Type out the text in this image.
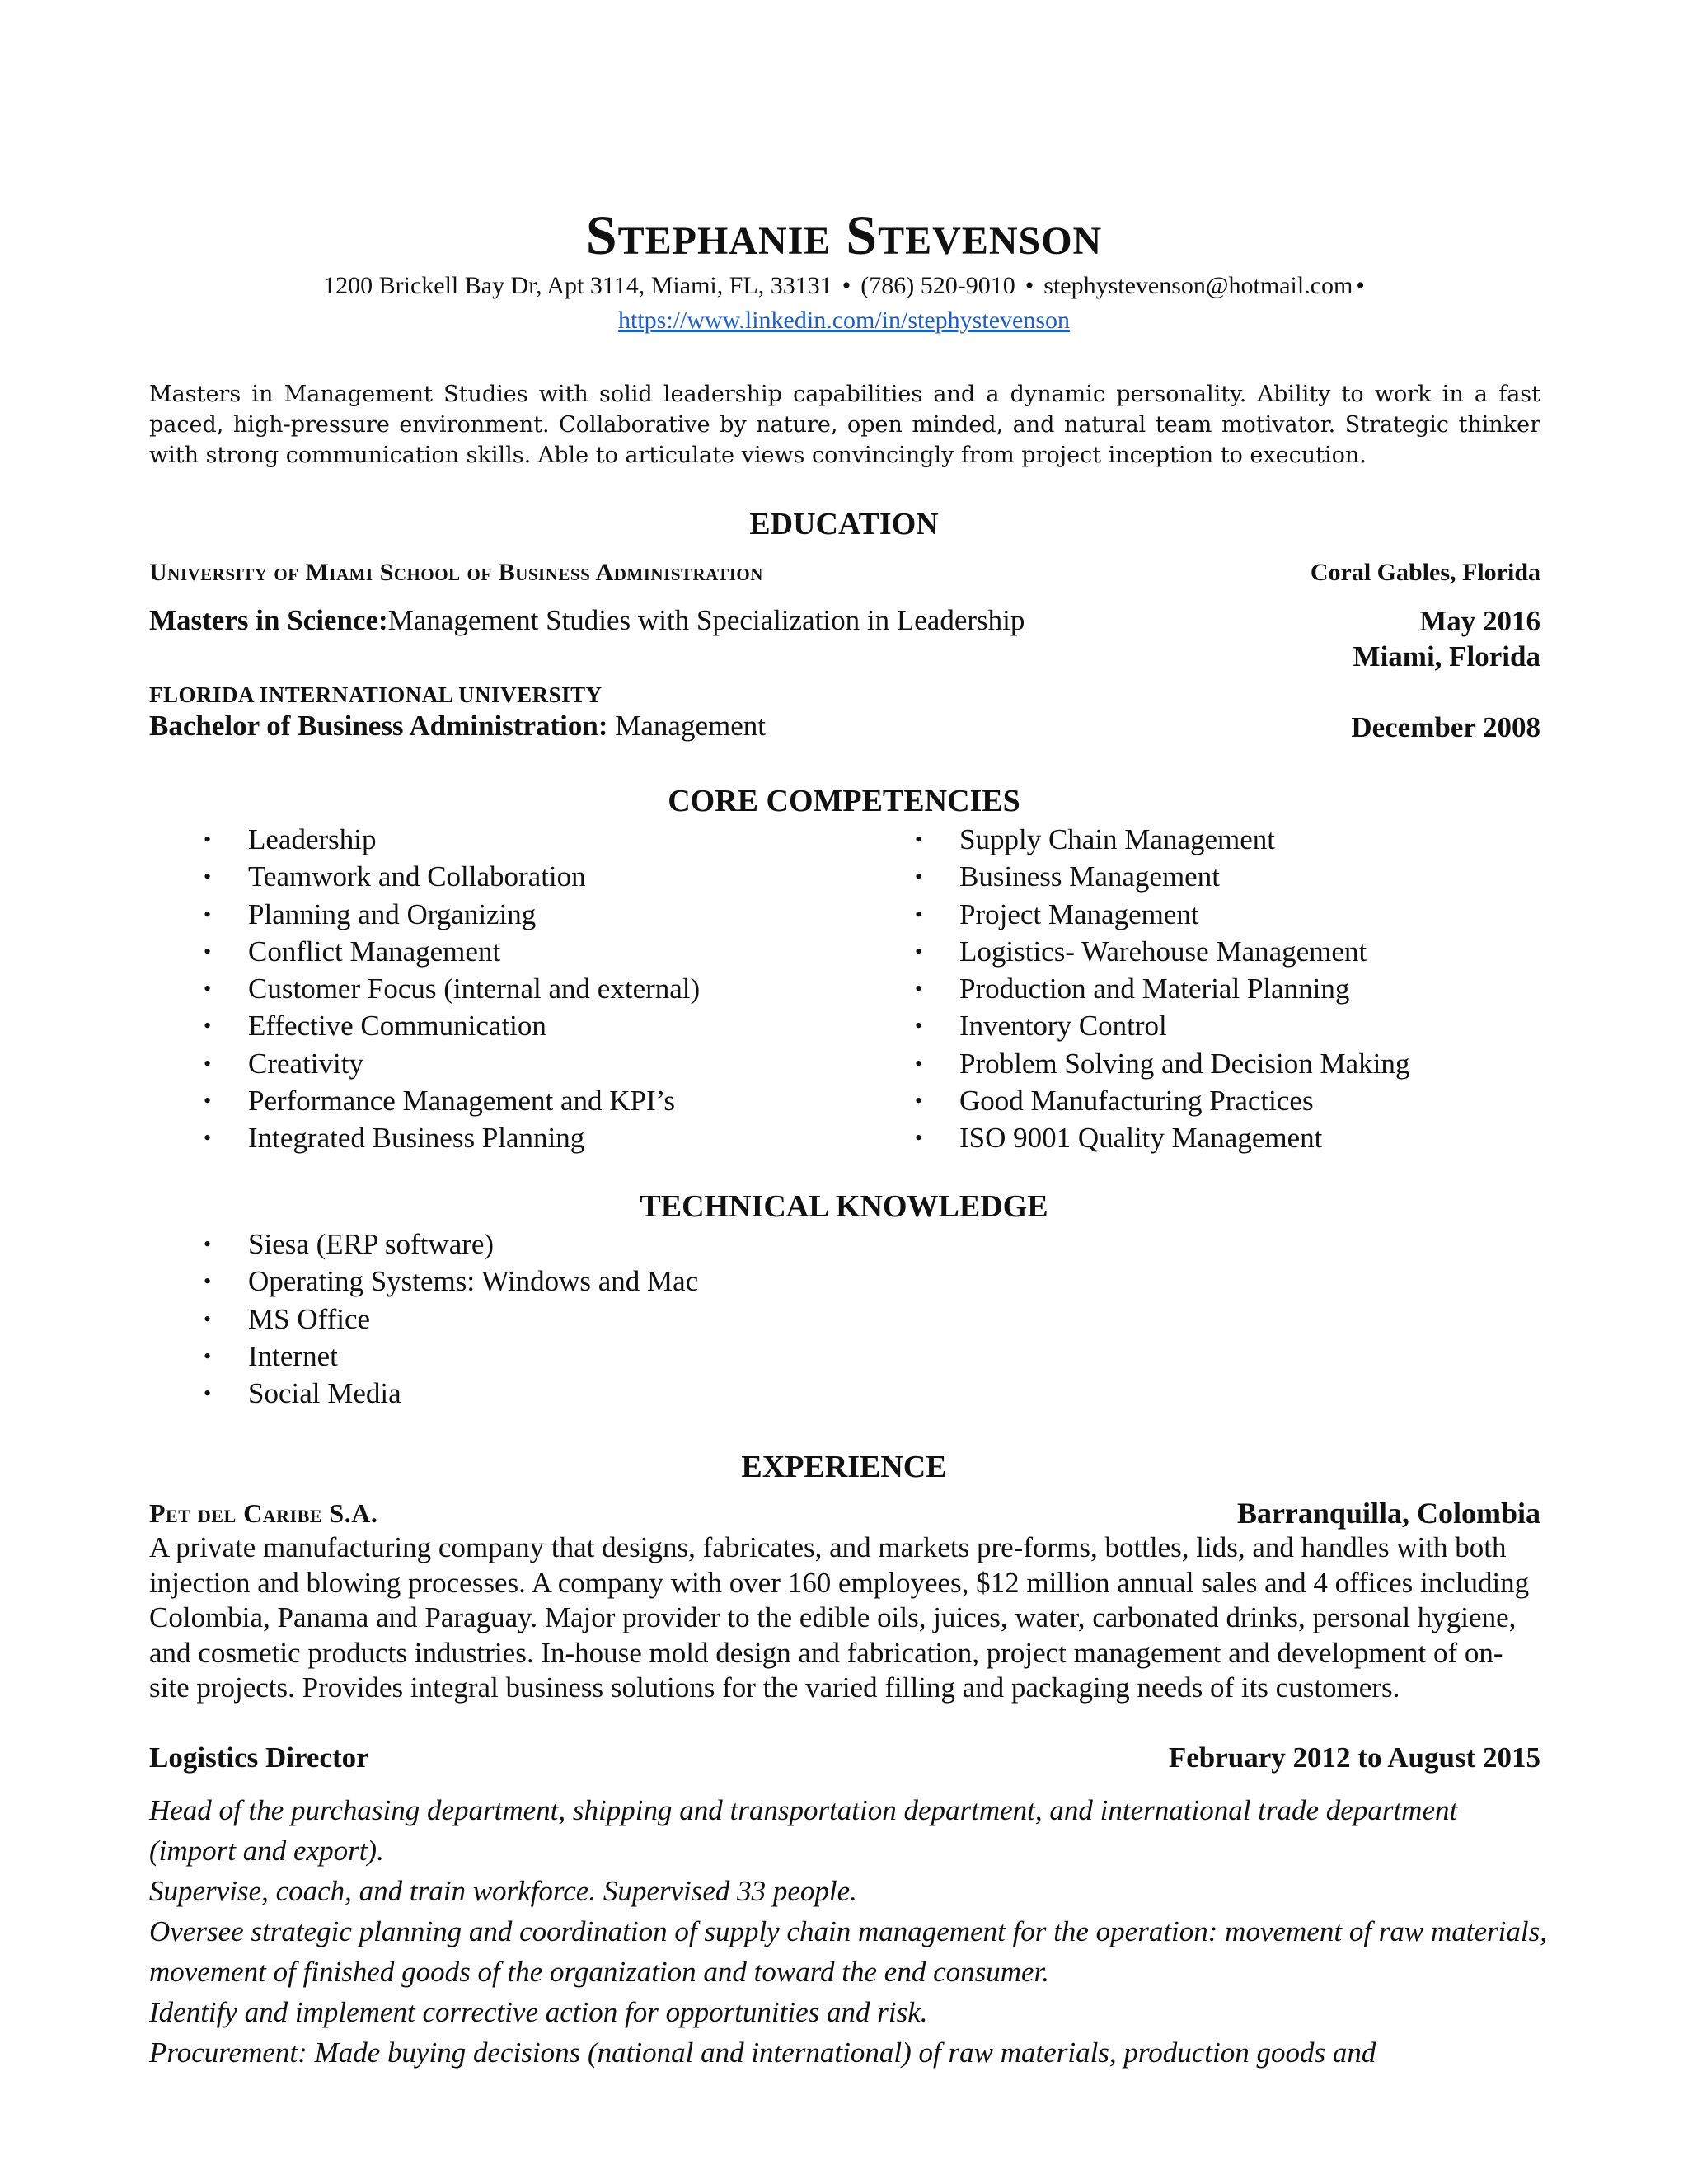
Stephanie Stevenson
1200 Brickell Bay Dr, Apt 3114, Miami, FL, 33131 • (786) 520-9010 • stephystevenson@hotmail.com •
https://www.linkedin.com/in/stephystevenson
Masters in Management Studies with solid leadership capabilities and a dynamic personality. Ability to work in a fast paced, high-pressure environment. Collaborative by nature, open minded, and natural team motivator. Strategic thinker with strong communication skills. Able to articulate views convincingly from project inception to execution.
EDUCATION
University of Miami School of Business Administration	Coral Gables, Florida
Masters in Science:Management Studies with Specialization in Leadership	May 2016
Miami, Florida
FLORIDA INTERNATIONAL UNIVERSITY
Bachelor of Business Administration: Management	December 2008
CORE COMPETENCIES
• Leadership
• Teamwork and Collaboration
• Planning and Organizing
• Conflict Management
• Customer Focus (internal and external)
• Effective Communication
• Creativity
• Performance Management and KPI’s
• Integrated Business Planning
• Supply Chain Management
• Business Management
• Project Management
• Logistics- Warehouse Management
• Production and Material Planning
• Inventory Control
• Problem Solving and Decision Making
• Good Manufacturing Practices
• ISO 9001 Quality Management
TECHNICAL KNOWLEDGE
• Siesa (ERP software)
• Operating Systems: Windows and Mac
• MS Office
• Internet
• Social Media
EXPERIENCE
Pet del Caribe S.A.	Barranquilla, Colombia
A private manufacturing company that designs, fabricates, and markets pre-forms, bottles, lids, and handles with both injection and blowing processes. A company with over 160 employees, $12 million annual sales and 4 offices including Colombia, Panama and Paraguay. Major provider to the edible oils, juices, water, carbonated drinks, personal hygiene, and cosmetic products industries. In-house mold design and fabrication, project management and development of on-site projects. Provides integral business solutions for the varied filling and packaging needs of its customers.
Logistics Director	February 2012 to August 2015

Head of the purchasing department, shipping and transportation department, and international trade department (import and export).

Supervise, coach, and train workforce. Supervised 33 people.

Oversee strategic planning and coordination of supply chain management for the operation: movement of raw materials, movement of finished goods of the organization and toward the end consumer.

Identify and implement corrective action for opportunities and risk.

Procurement: Made buying decisions (national and international) of raw materials, production goods and
